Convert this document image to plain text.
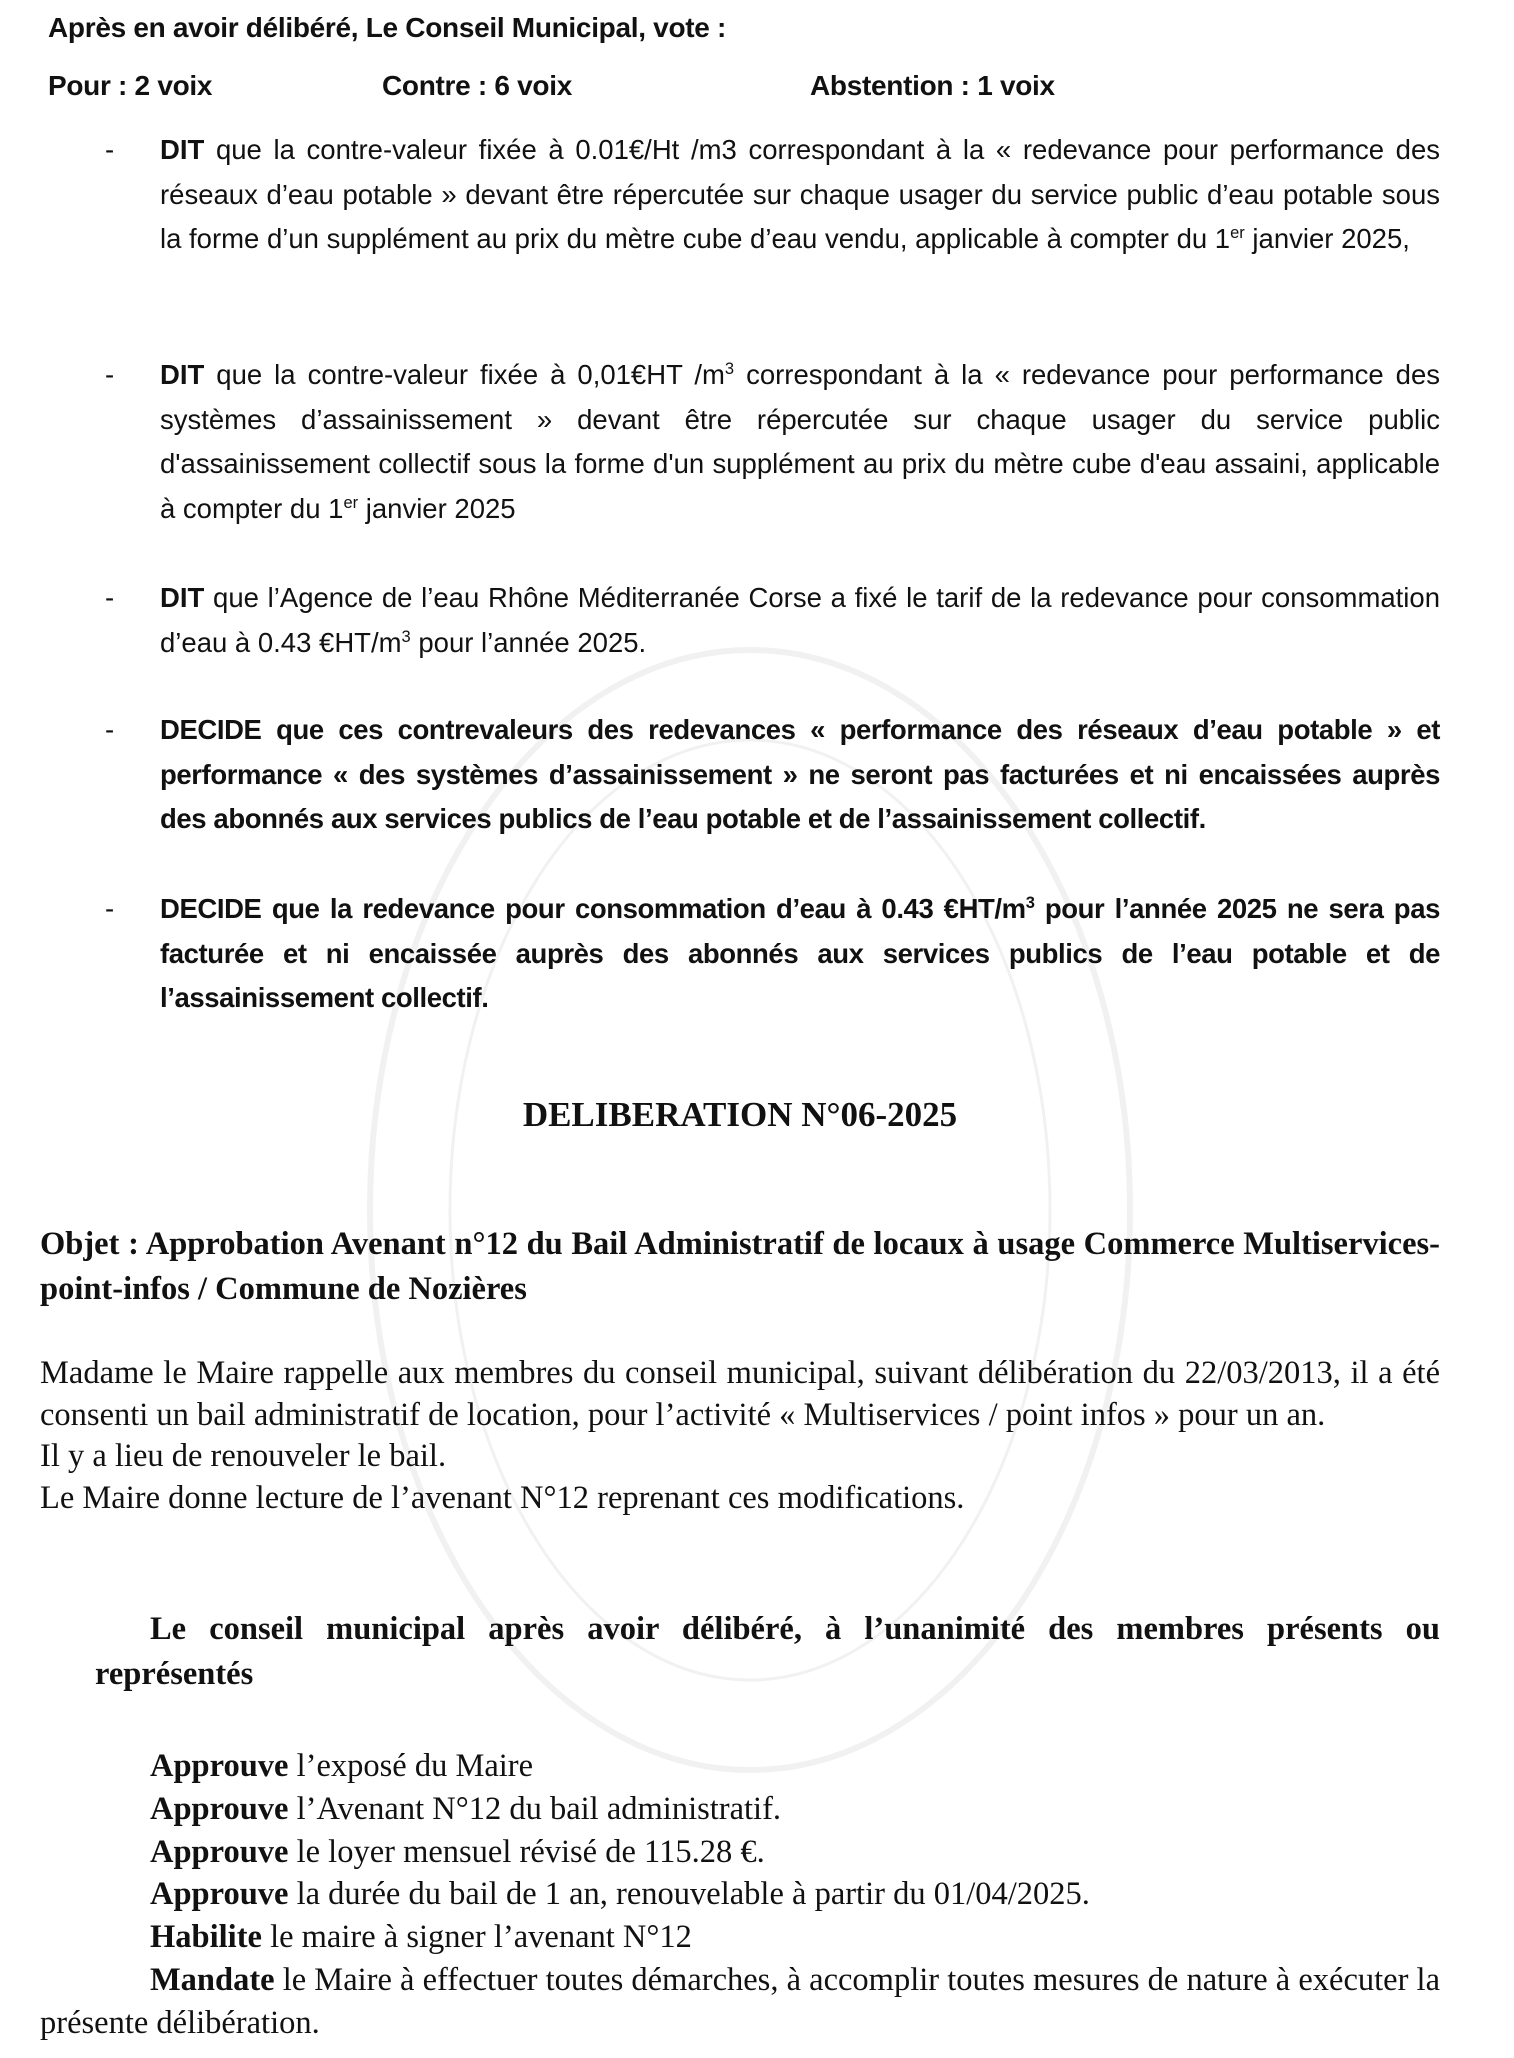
Après en avoir délibéré, Le Conseil Municipal, vote :
Pour : 2 voix	Contre : 6 voix	Abstention : 1 voix
- DIT que la contre-valeur fixée à 0.01€/Ht /m3 correspondant à la « redevance pour performance des réseaux d’eau potable » devant être répercutée sur chaque usager du service public d’eau potable sous la forme d’un supplément au prix du mètre cube d’eau vendu, applicable à compter du 1er janvier 2025,
- DIT que la contre-valeur fixée à 0,01€HT $/m^3$ correspondant à la « redevance pour performance des systèmes d’assainissement » devant être répercutée sur chaque usager du service public d'assainissement collectif sous la forme d'un supplément au prix du mètre cube d'eau assaini, applicable à compter du 1er janvier 2025
- DIT que l’Agence de l’eau Rhône Méditerranée Corse a fixé le tarif de la redevance pour consommation d’eau à 0.43 $€HT/m^3$ pour l’année 2025.
- DECIDE que ces contrevaleurs des redevances « performance des réseaux d’eau potable » et performance « des systèmes d’assainissement » ne seront pas facturées et ni encaissées auprès des abonnés aux services publics de l’eau potable et de l’assainissement collectif.
- DECIDE que la redevance pour consommation d’eau à 0.43 $€HT/m^3$ pour l’année 2025 ne sera pas facturée et ni encaissée auprès des abonnés aux services publics de l’eau potable et de l’assainissement collectif.
DELIBERATION N°06-2025
Objet : Approbation Avenant n°12 du Bail Administratif de locaux à usage Commerce Multiservices-point-infos / Commune de Nozières
Madame le Maire rappelle aux membres du conseil municipal, suivant délibération du 22/03/2013, il a été consenti un bail administratif de location, pour l’activité « Multiservices / point infos » pour un an.
Il y a lieu de renouveler le bail.
Le Maire donne lecture de l’avenant N°12 reprenant ces modifications.
Le conseil municipal après avoir délibéré, à l’unanimité des membres présents ou représentés
Approuve l’exposé du Maire
Approuve l’Avenant N°12 du bail administratif.
Approuve le loyer mensuel révisé de 115.28 €.
Approuve la durée du bail de 1 an, renouvelable à partir du 01/04/2025.
Habilite le maire à signer l’avenant N°12
Mandate le Maire à effectuer toutes démarches, à accomplir toutes mesures de nature à exécuter la présente délibération.
